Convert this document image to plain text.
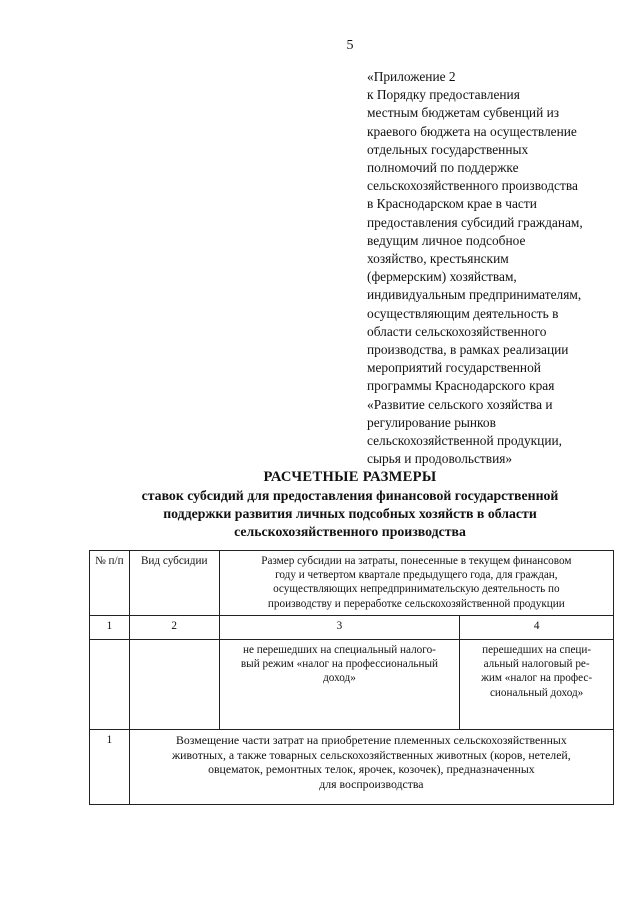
5
«Приложение 2
к Порядку предоставления
местным бюджетам субвенций из
краевого бюджета на осуществление
отдельных государственных
полномочий по поддержке
сельскохозяйственного производства
в Краснодарском крае в части
предоставления субсидий гражданам,
ведущим личное подсобное
хозяйство, крестьянским
(фермерским) хозяйствам,
индивидуальным предпринимателям,
осуществляющим деятельность в
области сельскохозяйственного
производства, в рамках реализации
мероприятий государственной
программы Краснодарского края
«Развитие сельского хозяйства и
регулирование рынков
сельскохозяйственной продукции,
сырья и продовольствия»
РАСЧЕТНЫЕ РАЗМЕРЫ
ставок субсидий для предоставления финансовой государственной
поддержки развития личных подсобных хозяйств в области
сельскохозяйственного производства
№ п/п	Вид субсидии	Размер субсидии на затраты, понесенные в текущем финансовом
году и четвертом квартале предыдущего года, для граждан,
осуществляющих непредпринимательскую деятельность по
производству и переработке сельскохозяйственной продукции	

1	2	3	4

		не перешедших на специальный налого-
вый режим «налог на профессиональный
доход»	перешедших на специ-
альный налоговый ре-
жим «налог на профес-
сиональный доход»

1	Возмещение части затрат на приобретение племенных сельскохозяйственных
животных, а также товарных сельскохозяйственных животных (коров, нетелей,
овцематок, ремонтных телок, ярочек, козочек), предназначенных
для воспроизводства		
